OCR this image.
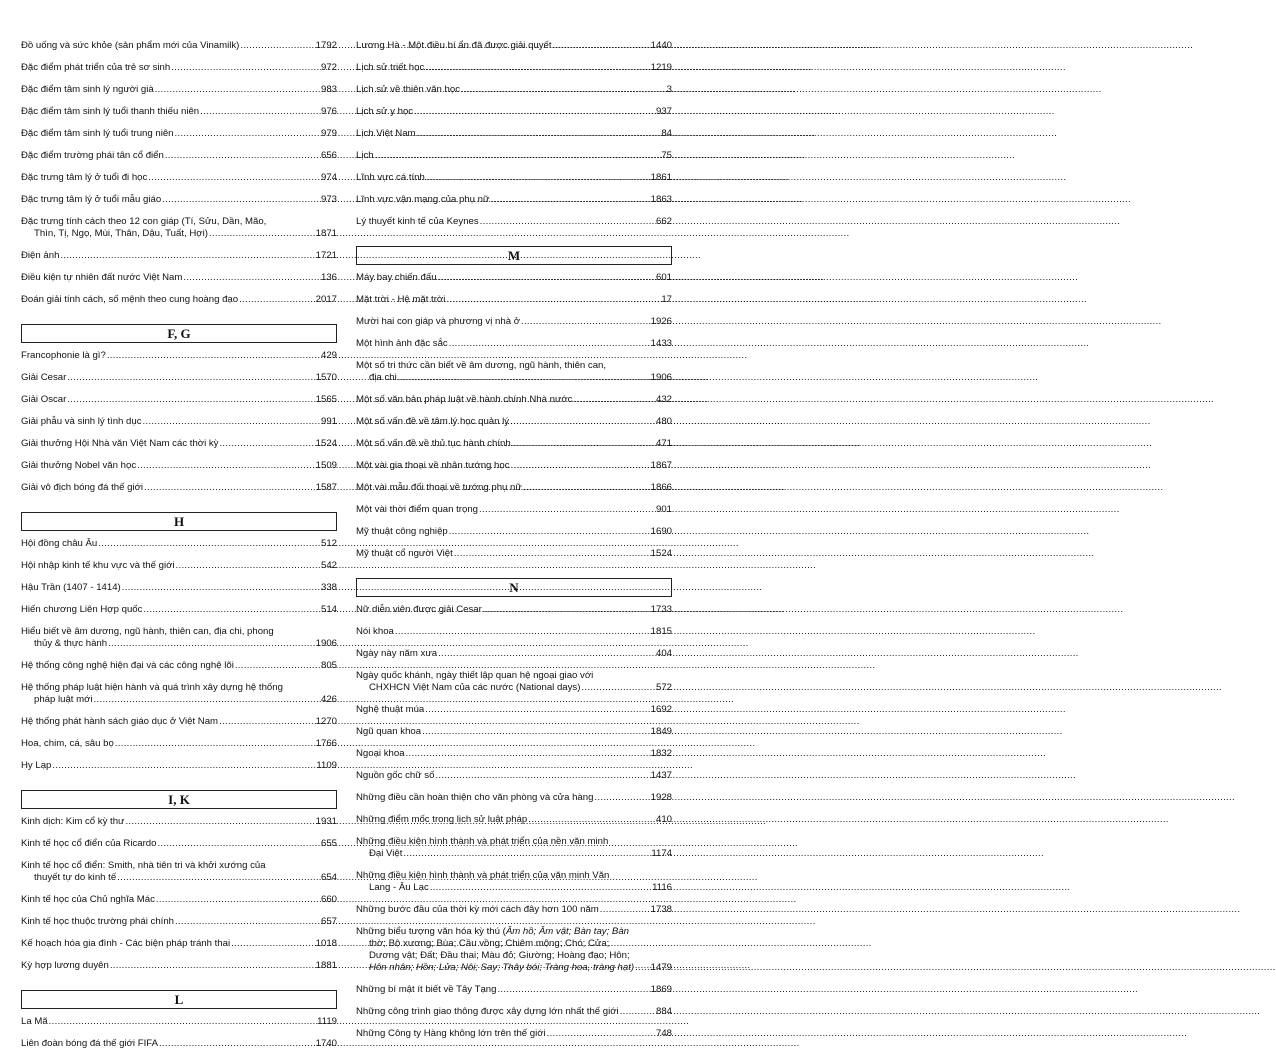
Đồ uống và sức khỏe (sản phẩm mới của Vinamilk) .....	1792
Đặc điểm phát triển của trẻ sơ sinh .....	972
Đặc điểm tâm sinh lý người già .....	983
Đặc điểm tâm sinh lý tuổi thanh thiếu niên .....	976
Đặc điểm tâm sinh lý tuổi trung niên .....	979
Đặc điểm trường phái tân cổ điển .....	656
Đặc trưng tâm lý ở tuổi đi học .....	974
Đặc trưng tâm lý ở tuổi mẫu giáo .....	973
Đặc trưng tính cách theo 12 con giáp (Tí, Sửu, Dần, Mão,
Thìn, Tị, Ngọ, Mùi, Thân, Dậu, Tuất, Hợi) .....	1871
Điện ảnh .....	1721
Điều kiện tự nhiên đất nước Việt Nam .....	136
Đoán giải tính cách, số mệnh theo cung hoàng đạo .....	2017
F, G
Francophonie là gì? .....	429
Giải Cesar .....	1570
Giải Oscar .....	1565
Giải phẫu và sinh lý tình dục .....	991
Giải thưởng Hội Nhà văn Việt Nam các thời kỳ .....	1524
Giải thưởng Nobel văn học .....	1509
Giải vô địch bóng đá thế giới .....	1587
H
Hội đồng châu Âu .....	512
Hội nhập kinh tế khu vực và thế giới .....	542
Hậu Trần (1407 - 1414) .....	338
Hiến chương Liên Hợp quốc .....	514
Hiểu biết về âm dương, ngũ hành, thiên can, địa chi, phong
thủy & thực hành .....	1906
Hệ thống công nghệ hiện đại và các công nghệ lõi .....	805
Hệ thống pháp luật hiện hành và quá trình xây dựng hệ thống
pháp luật mới .....	426
Hệ thống phát hành sách giáo dục ở Việt Nam .....	1270
Hoa, chim, cá, sâu bọ .....	1766
Hy Lạp .....	1109
I, K
Kinh dịch: Kim cổ kỳ thư .....	1931
Kinh tế học cổ điển của Ricardo .....	655
Kinh tế học cổ điển: Smith, nhà tiên tri và khởi xướng của
thuyết tự do kinh tế .....	654
Kinh tế học của Chủ nghĩa Mác .....	660
Kinh tế học thuộc trường phái chính .....	657
Kế hoạch hóa gia đình - Các biện pháp tránh thai .....	1018
Kỳ hợp lương duyên .....	1881
L
La Mã .....	1119
Liên đoàn bóng đá thế giới FIFA .....	1740
Lương Hà - Một điều bí ẩn đã được giải quyết .....	1440
Lịch sử triết học .....	1219
Lịch sử về thiên văn học .....	3
Lịch sử y học .....	937
Lịch Việt Nam .....	84
Lịch .....	75
Lĩnh vực cá tính .....	1861
Lĩnh vực vận mạng của phụ nữ .....	1863
Lý thuyết kinh tế của Keynes .....	662
M
Máy bay chiến đấu .....	601
Mặt trời - Hệ mặt trời .....	17
Mười hai con giáp và phương vị nhà ở .....	1926
Một hình ảnh đặc sắc .....	1433
Một số tri thức cần biết về âm dương, ngũ hành, thiên can,
địa chi .....	1906
Một số văn bản pháp luật về hành chính Nhà nước .....	432
Một số vấn đề về tâm lý học quản lý .....	480
Một số vấn đề về thủ tục hành chính .....	471
Một vài gia thoại về nhân tướng học .....	1867
Một vài mẫu đối thoại về tướng phụ nữ .....	1866
Một vài thời điểm quan trọng .....	901
Mỹ thuật công nghiệp .....	1690
Mỹ thuật cổ người Việt .....	1524
N
Nữ diễn viên được giải Cesar .....	1733
Nói khoa .....	1815
Ngày này năm xưa .....	404
Ngày quốc khánh, ngày thiết lập quan hệ ngoại giao với
CHXHCN Việt Nam của các nước (National days) .....	572
Nghệ thuật múa .....	1692
Ngũ quan khoa .....	1849
Ngoại khoa .....	1832
Nguồn gốc chữ số .....	1437
Những điều cần hoàn thiện cho văn phòng và cửa hàng .....	1928
Những điểm mốc trong lịch sử luật pháp .....	410
Những điều kiện hình thành và phát triển của nền văn minh
Đại Việt .....	1174
Những điều kiện hình thành và phát triển của văn minh Văn
Lang - Âu Lạc .....	1116
Những bước đầu của thời kỳ mới cách đây hơn 100 năm .....	1738
Những biểu tượng văn hóa kỳ thú (Âm hồ; Âm vật; Bàn tay; Bàn
thờ; Bộ xương; Bùa; Cầu vồng; Chiêm mộng; Chó; Cửa;
Dương vật; Đất; Đầu thai; Màu đỏ; Giường; Hoàng đạo; Hôn;
Hôn nhân; Hồn; Lửa; Nôi; Say; Thây bói; Tràng hoa, tràng hạt) ..... 1479
Những bí mật ít biết về Tây Tạng .....	1869
Những công trình giao thông được xây dựng lớn nhất thế giới .....	884
Những Công ty Hàng không lớn trên thế giới .....	748
